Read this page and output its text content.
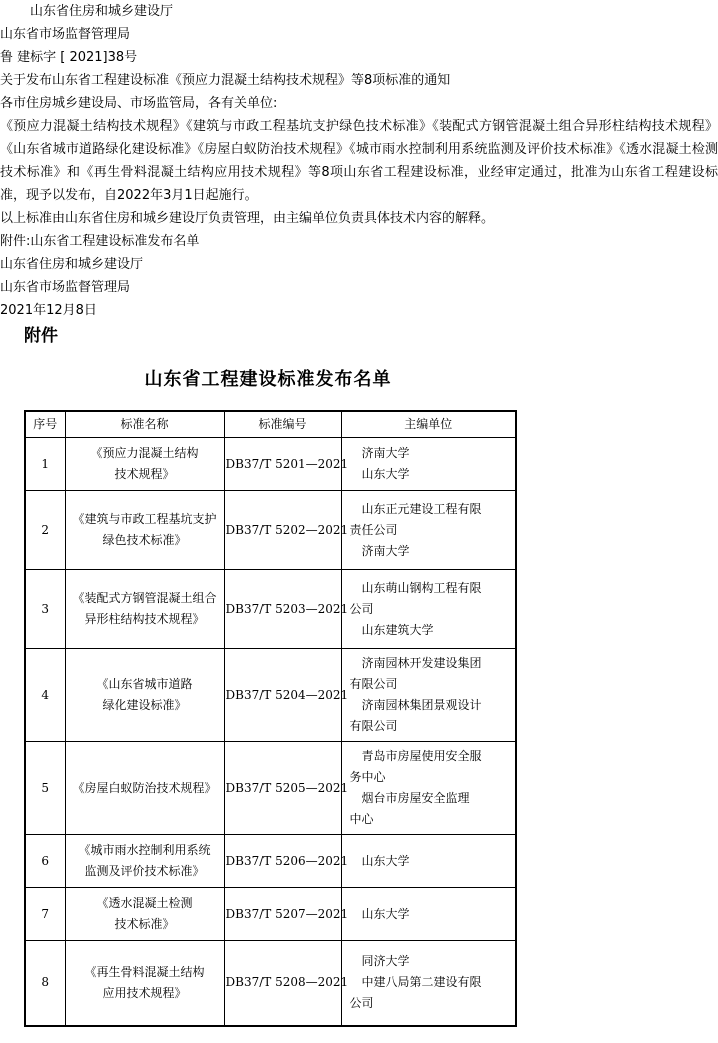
山东省住房和城乡建设厅

山东省市场监督管理局

鲁 建标字 [ 2021]38号

关于发布山东省工程建设标准《预应力混凝土结构技术规程》等8项标准的通知

各市住房城乡建设局、市场监管局，各有关单位:

《预应力混凝土结构技术规程》《建筑与市政工程基坑支护绿色技术标准》《装配式方钢管混凝土组合异形柱结构技术规程》《山东省城市道路绿化建设标准》《房屋白蚁防治技术规程》《城市雨水控制利用系统监测及评价技术标准》《透水混凝土检测技术标准》和《再生骨料混凝土结构应用技术规程》等8项山东省工程建设标准，业经审定通过，批准为山东省工程建设标准，现予以发布，自2022年3月1日起施行。

以上标准由山东省住房和城乡建设厅负责管理，由主编单位负责具体技术内容的解释。

附件:山东省工程建设标准发布名单

山东省住房和城乡建设厅

山东省市场监督管理局

2021年12月8日

附件
山东省工程建设标准发布名单
序号	标准名称	标准编号	主编单位
1	《预应力混凝土结构
技术规程》	DB37/T 5201—2021	济南大学
山东大学

2	《建筑与市政工程基坑支护
绿色技术标准》	DB37/T 5202—2021	山东正元建设工程有限
责任公司
济南大学

3	《装配式方钢管混凝土组合
异形柱结构技术规程》	DB37/T 5203—2021	山东萌山钢构工程有限
公司
山东建筑大学

4	《山东省城市道路
绿化建设标准》	DB37/T 5204—2021	济南园林开发建设集团
有限公司
济南园林集团景观设计
有限公司

5	《房屋白蚁防治技术规程》	DB37/T 5205—2021	青岛市房屋使用安全服
务中心
烟台市房屋安全监理
中心

6	《城市雨水控制利用系统
监测及评价技术标准》	DB37/T 5206—2021	山东大学

7	《透水混凝土检测
技术标准》	DB37/T 5207—2021	山东大学

8	《再生骨料混凝土结构
应用技术规程》	DB37/T 5208—2021	同济大学
中建八局第二建设有限
公司
